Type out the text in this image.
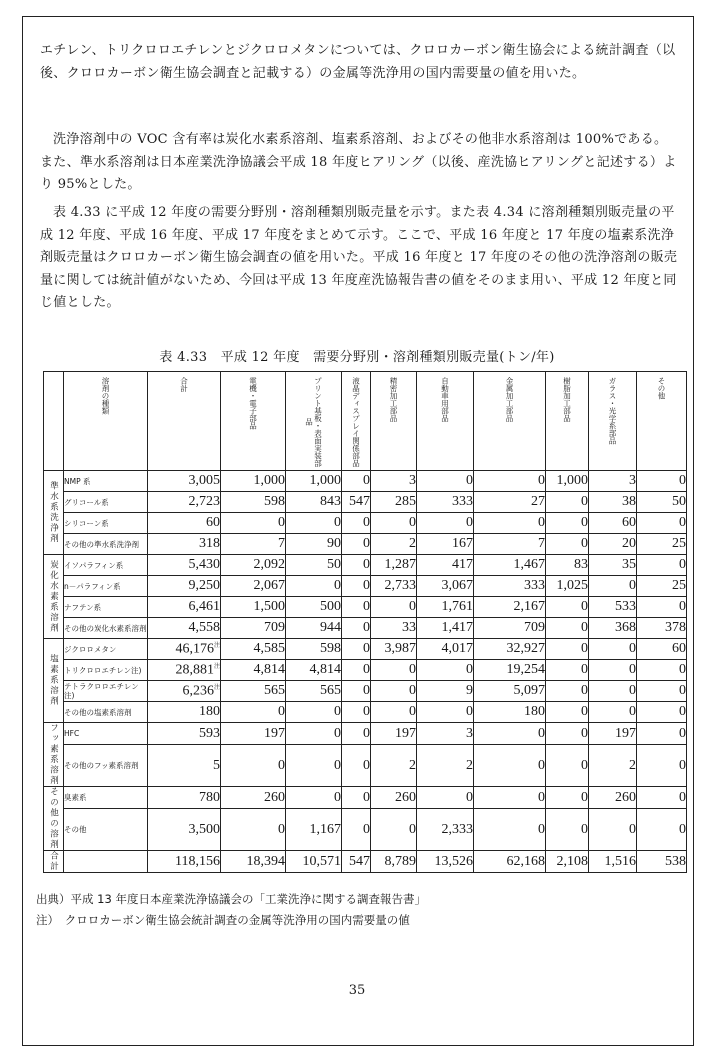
エチレン、トリクロロエチレンとジクロロメタンについては、クロロカーボン衛生協会による統計調査（以後、クロロカーボン衛生協会調査と記載する）の金属等洗浄用の国内需要量の値を用いた。

洗浄溶剤中の VOC 含有率は炭化水素系溶剤、塩素系溶剤、およびその他非水系溶剤は 100%である。また、準水系溶剤は日本産業洗浄協議会平成 18 年度ヒアリング（以後、産洗協ヒアリングと記述する）より 95%とした。

表 4.33 に平成 12 年度の需要分野別・溶剤種類別販売量を示す。また表 4.34 に溶剤種類別販売量の平成 12 年度、平成 16 年度、平成 17 年度をまとめて示す。ここで、平成 16 年度と 17 年度の塩素系洗浄剤販売量はクロロカーボン衛生協会調査の値を用いた。平成 16 年度と 17 年度のその他の洗浄溶剤の販売量に関しては統計値がないため、今回は平成 13 年度産洗協報告書の値をそのまま用い、平成 12 年度と同じ値とした。

表 4.33　平成 12 年度　需要分野別・溶剤種類別販売量(トン/年)

	溶剤の種類	合計	電機・電子部品	プリント基板・表面実装部品	液晶ディスプレイ関係部品	精密加工部品	自動車用部品	金属加工部品	樹脂加工部品	ガラス・光学系部品	その他

準水系洗浄剤	NMP 系	3,005	1,000	1,000	0	3	0	0	1,000	3	0
	グリコール系	2,723	598	843	547	285	333	27	0	38	50
	シリコーン系	60	0	0	0	0	0	0	0	60	0
	その他の準水系洗浄剤	318	7	90	0	2	167	7	0	20	25
炭化水素系溶剤	イソパラフィン系	5,430	2,092	50	0	1,287	417	1,467	83	35	0
	n－パラフィン系	9,250	2,067	0	0	2,733	3,067	333	1,025	0	25
	ナフテン系	6,461	1,500	500	0	0	1,761	2,167	0	533	0
	その他の炭化水素系溶剤	4,558	709	944	0	33	1,417	709	0	368	378
塩素系溶剤	ジクロロメタン	$46,176^注$	4,585	598	0	3,987	4,017	32,927	0	0	60
	トリクロロエチレン注)	$28,881^注$	4,814	4,814	0	0	0	19,254	0	0	0
	テトラクロロエチレン注)	$6,236^注$	565	565	0	0	9	5,097	0	0	0
	その他の塩素系溶剤	180	0	0	0	0	0	180	0	0	0
フッ素系溶剤	HFC	593	197	0	0	197	3	0	0	197	0
	その他のフッ素系溶剤	5	0	0	0	2	2	0	0	2	0
その他の溶剤	臭素系	780	260	0	0	260	0	0	0	260	0
	その他	3,500	0	1,167	0	0	2,333	0	0	0	0
合計		118,156	18,394	10,571	547	8,789	13,526	62,168	2,108	1,516	538
出典）平成 13 年度日本産業洗浄協議会の「工業洗浄に関する調査報告書」
注）　クロロカーボン衛生協会統計調査の金属等洗浄用の国内需要量の値
35
